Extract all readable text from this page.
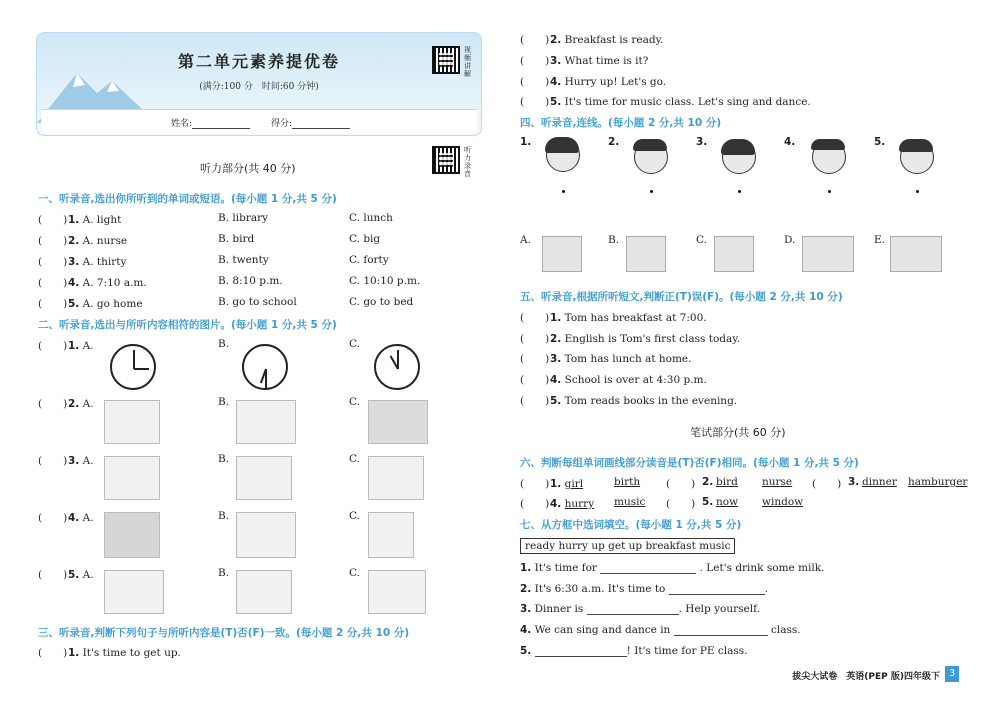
第二单元素养提优卷
(满分:100 分　时间:60 分钟)
姓名:	得分:
视频讲解
听力部分(共 40 分)
听力录音
一、听录音,选出你所听到的单词或短语。(每小题 1 分,共 5 分)
(　　)1. A. light	B. library	C. lunch
(　　)2. A. nurse	B. bird	C. big
(　　)3. A. thirty	B. twenty	C. forty
(　　)4. A. 7:10 a.m.	B. 8:10 p.m.	C. 10:10 p.m.
(　　)5. A. go home	B. go to school	C. go to bed
二、听录音,选出与所听内容相符的图片。(每小题 1 分,共 5 分)
(　　)1. A.	B.	C.
(　　)2. A.	B.	C.
(　　)3. A.	B.	C.
(　　)4. A.	B.	C.
(　　)5. A.	B.	C.
三、听录音,判断下列句子与所听内容是(T)否(F)一致。(每小题 2 分,共 10 分)
(　　)1. It's time to get up.
(　　)2. Breakfast is ready.
(　　)3. What time is it?
(　　)4. Hurry up! Let's go.
(　　)5. It's time for music class. Let's sing and dance.
四、听录音,连线。(每小题 2 分,共 10 分)
1.	2.	3.	4.	5.
A.	B.	C.	D.	E.
五、听录音,根据所听短文,判断正(T)误(F)。(每小题 2 分,共 10 分)
(　　)1. Tom has breakfast at 7:00.
(　　)2. English is Tom's first class today.
(　　)3. Tom has lunch at home.
(　　)4. School is over at 4:30 p.m.
(　　)5. Tom reads books in the evening.
笔试部分(共 60 分)
六、判断每组单词画线部分读音是(T)否(F)相同。(每小题 1 分,共 5 分)
(　　)1. girl	birth (　　) 2. bird nurse (　　) 3. dinner hamburger
(　　)4. hurry music (　　) 5. now window
七、从方框中选词填空。(每小题 1 分,共 5 分)
ready hurry up get up breakfast music
1. It's time for	. Let's drink some milk.
2. It's 6:30 a.m. It's time to	.
3. Dinner is	. Help yourself.
4. We can sing and dance in	class.
5.	! It's time for PE class.
拔尖大试卷　英语(PEP 版)四年级下 3
